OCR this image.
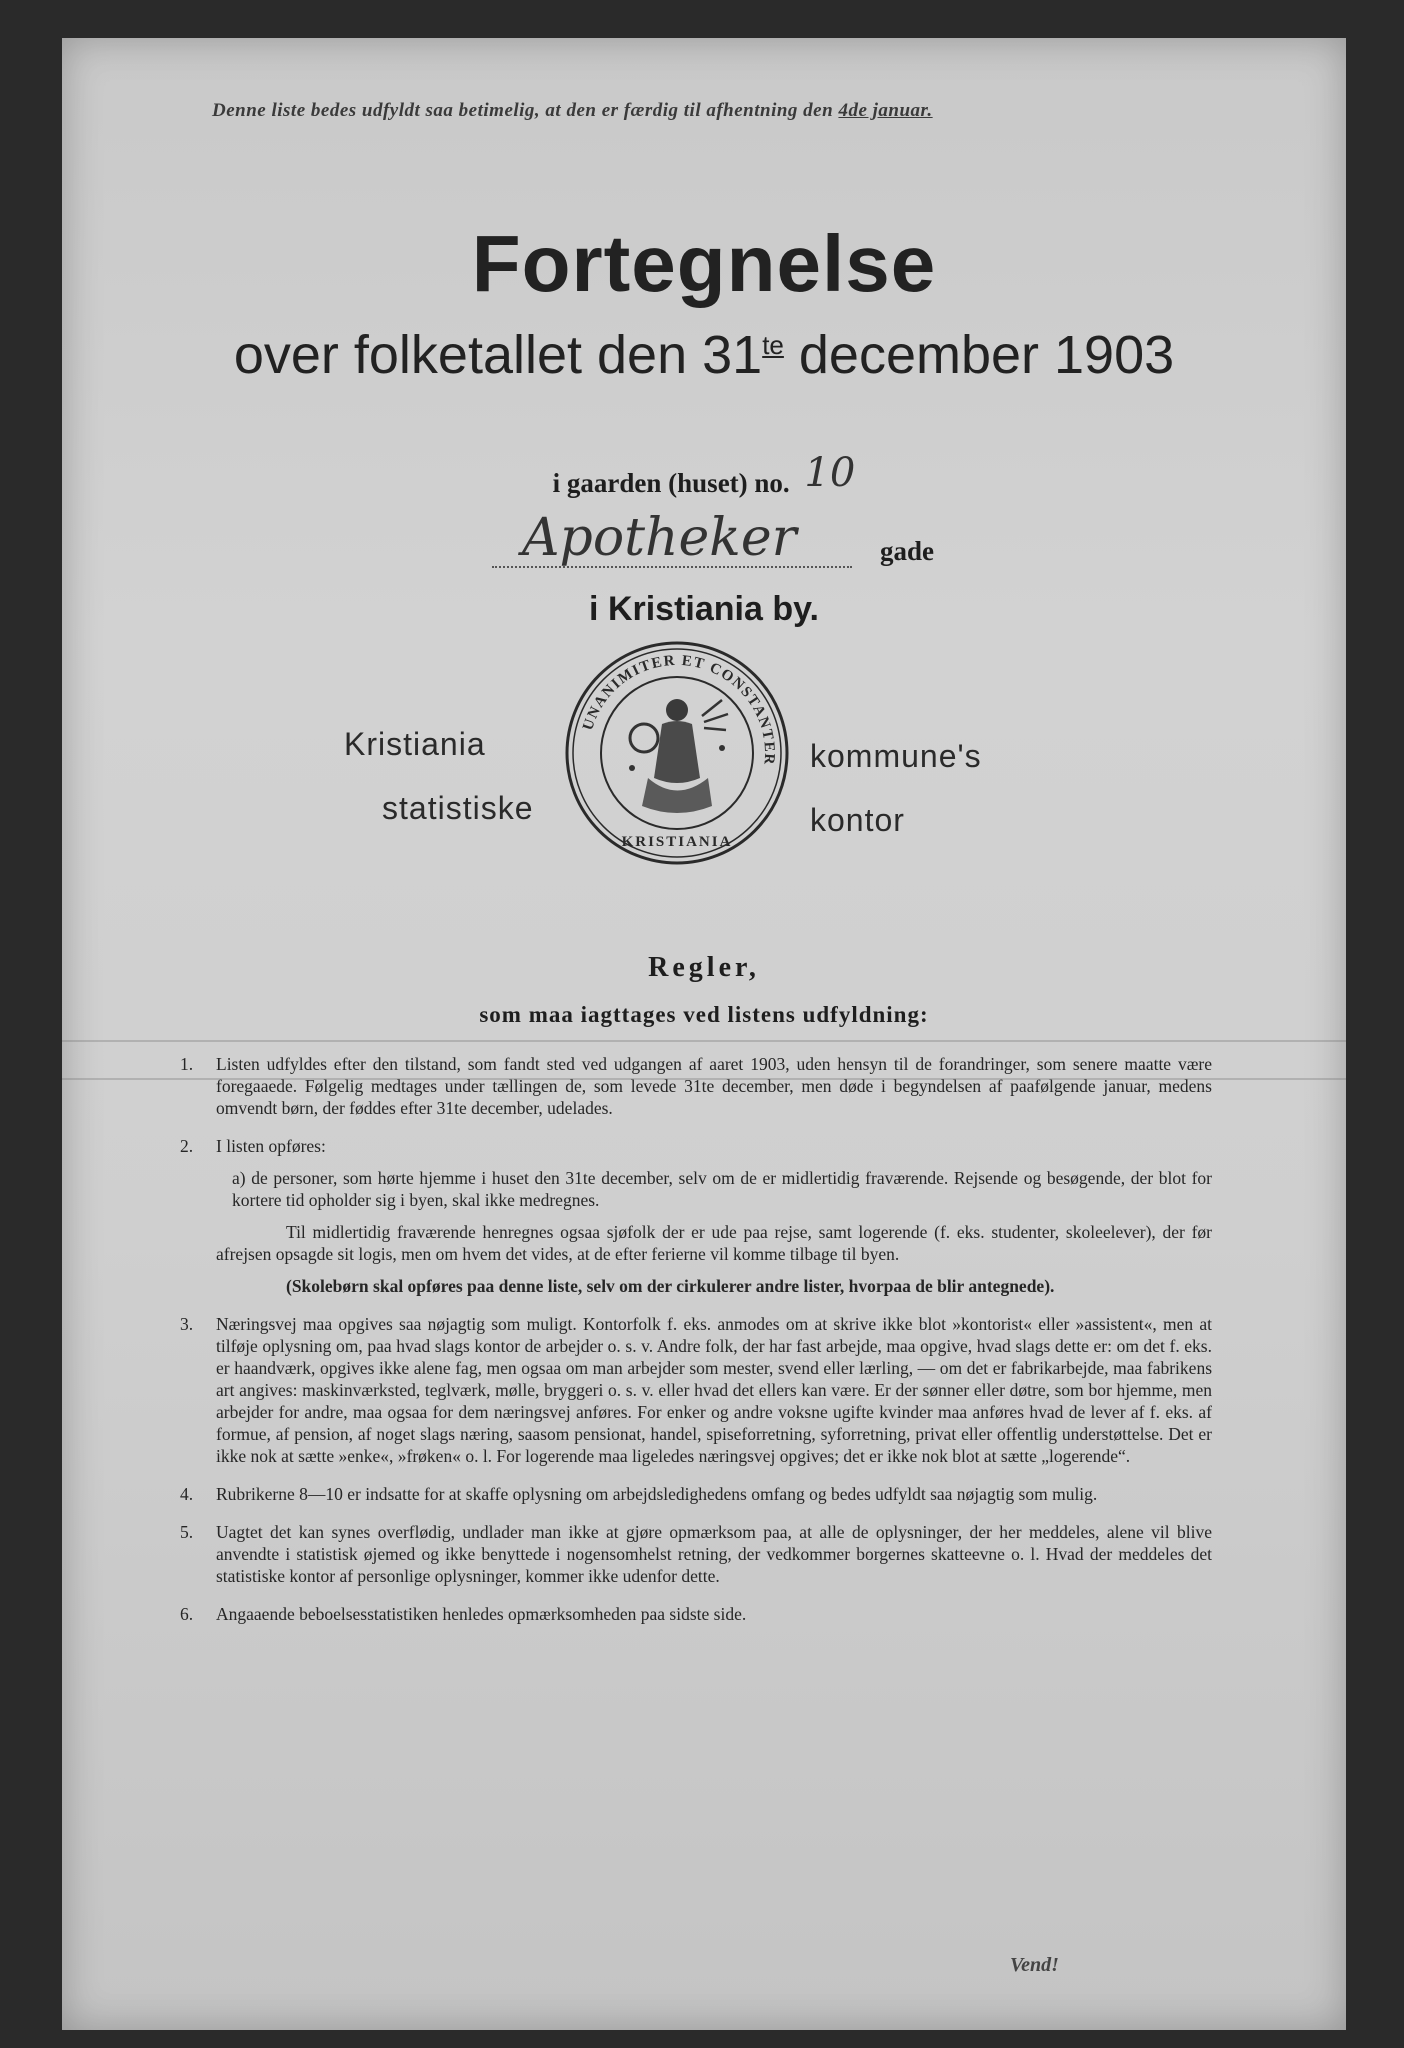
Denne liste bedes udfyldt saa betimelig, at den er færdig til afhentning den 4de januar.
Fortegnelse
over folketallet den $31^{te}$ december 1903
i gaarden (huset) no. 10
Apotheker	gade
i Kristiania by.
Kristiania
statistiske
kommune's
kontor
UNANIMITER ET CONSTANTER
KRISTIANIA
Regler,
som maa iagttages ved listens udfyldning:
1. Listen udfyldes efter den tilstand, som fandt sted ved udgangen af aaret 1903, uden hensyn til de forandringer, som senere maatte være foregaaede. Følgelig medtages under tællingen de, som levede 31te december, men døde i begyndelsen af paafølgende januar, medens omvendt børn, der føddes efter 31te december, udelades.

2. I listen opføres:

a) de personer, som hørte hjemme i huset den 31te december, selv om de er midlertidig fraværende. Rejsende og besøgende, der blot for kortere tid opholder sig i byen, skal ikke medregnes.

Til midlertidig fraværende henregnes ogsaa sjøfolk der er ude paa rejse, samt logerende (f. eks. studenter, skoleelever), der før afrejsen opsagde sit logis, men om hvem det vides, at de efter ferierne vil komme tilbage til byen.

(Skolebørn skal opføres paa denne liste, selv om der cirkulerer andre lister, hvorpaa de blir antegnede).

3. Næringsvej maa opgives saa nøjagtig som muligt. Kontorfolk f. eks. anmodes om at skrive ikke blot »kontorist« eller »assistent«, men at tilføje oplysning om, paa hvad slags kontor de arbejder o. s. v. Andre folk, der har fast arbejde, maa opgive, hvad slags dette er: om det f. eks. er haandværk, opgives ikke alene fag, men ogsaa om man arbejder som mester, svend eller lærling, — om det er fabrikarbejde, maa fabrikens art angives: maskinværksted, teglværk, mølle, bryggeri o. s. v. eller hvad det ellers kan være. Er der sønner eller døtre, som bor hjemme, men arbejder for andre, maa ogsaa for dem næringsvej anføres. For enker og andre voksne ugifte kvinder maa anføres hvad de lever af f. eks. af formue, af pension, af noget slags næring, saasom pensionat, handel, spiseforretning, syforretning, privat eller offentlig understøttelse. Det er ikke nok at sætte »enke«, »frøken« o. l. For logerende maa ligeledes næringsvej opgives; det er ikke nok blot at sætte „logerende“.

4. Rubrikerne 8—10 er indsatte for at skaffe oplysning om arbejdsledighedens omfang og bedes udfyldt saa nøjagtig som mulig.

5. Uagtet det kan synes overflødig, undlader man ikke at gjøre opmærksom paa, at alle de oplysninger, der her meddeles, alene vil blive anvendte i statistisk øjemed og ikke benyttede i nogensomhelst retning, der vedkommer borgernes skatteevne o. l. Hvad der meddeles det statistiske kontor af personlige oplysninger, kommer ikke udenfor dette.

6. Angaaende beboelsesstatistiken henledes opmærksomheden paa sidste side.

Vend!
